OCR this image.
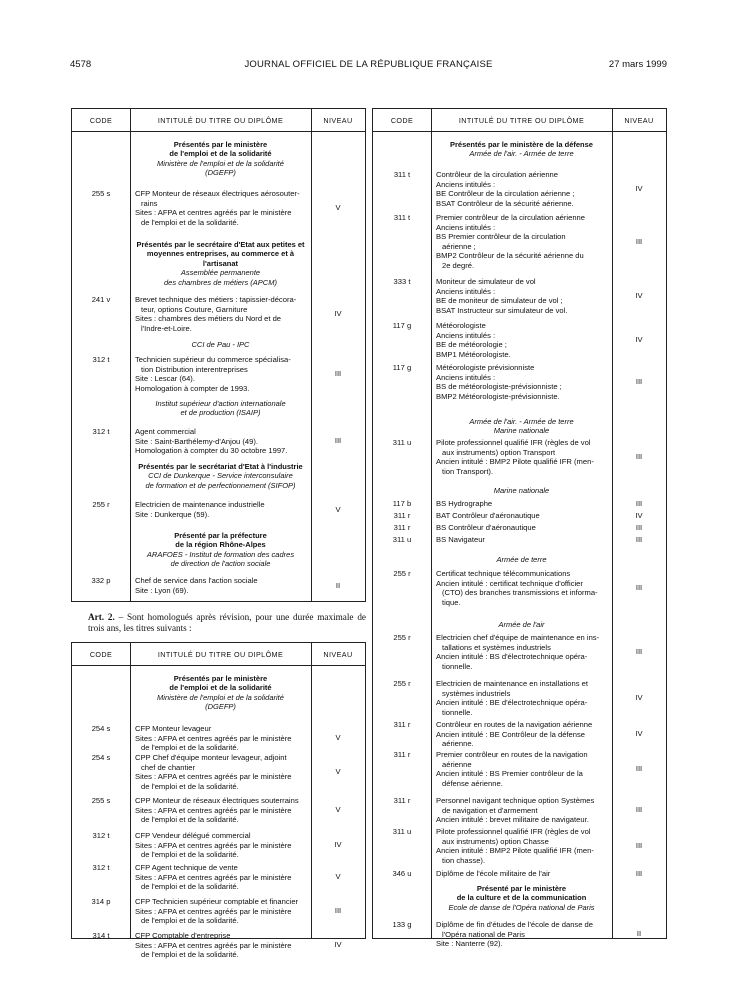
4578	JOURNAL OFFICIEL DE LA RÉPUBLIQUE FRANÇAISE	27 mars 1999
Art. 2. – Sont homologués après révision, pour une durée maximale de trois ans, les titres suivants :
CODE	INTITULÉ DU TITRE OU DIPLÔME	NIVEAU
Présentés par le ministère
de l'emploi et de la solidarité
Ministère de l'emploi et de la solidarité
(DGEFP)
Présentés par le secrétaire d'Etat aux petites et
moyennes entreprises, au commerce et à
l'artisanat
Assemblée permanente
des chambres de métiers (APCM)
CCI de Pau - IPC
Institut supérieur d'action internationale
et de production (ISAIP)
Présentés par le secrétariat d'Etat à l'industrie
CCI de Dunkerque - Service interconsulaire
de formation et de perfectionnement (SIFOP)
Présenté par la préfecture
de la région Rhône-Alpes
ARAFOES - Institut de formation des cadres
de direction de l'action sociale
255 s	CFP Monteur de réseaux électriques aérosouter-
rains
Sites : AFPA et centres agréés par le ministère
de l'emploi et de la solidarité.
V
241 v	Brevet technique des métiers : tapissier-décora-
teur, options Couture, Garniture
Sites : chambres des métiers du Nord et de
l'Indre-et-Loire.
IV
312 t	Technicien supérieur du commerce spécialisa-
tion Distribution interentreprises
Site : Lescar (64).
Homologation à compter de 1993.
III
312 t	Agent commercial
Site : Saint-Barthélemy-d'Anjou (49).
Homologation à compter du 30 octobre 1997.
III
255 r	Electricien de maintenance industrielle
Site : Dunkerque (59).
V
332 p	Chef de service dans l'action sociale
Site : Lyon (69).
II
CODE	INTITULÉ DU TITRE OU DIPLÔME	NIVEAU
Présentés par le ministère
de l'emploi et de la solidarité
Ministère de l'emploi et de la solidarité
(DGEFP)
254 s	CFP Monteur levageur
Sites : AFPA et centres agréés par le ministère
de l'emploi et de la solidarité.
V
254 s	CPP Chef d'équipe monteur levageur, adjoint
chef de chantier
Sites : AFPA et centres agréés par le ministère
de l'emploi et de la solidarité.
V
255 s	CPP Monteur de réseaux électriques souterrains
Sites : AFPA et centres agréés par le ministère
de l'emploi et de la solidarité.
V
312 t	CFP Vendeur délégué commercial
Sites : AFPA et centres agréés par le ministère
de l'emploi et de la solidarité.
IV
312 t	CFP Agent technique de vente
Sites : AFPA et centres agréés par le ministère
de l'emploi et de la solidarité.
V
314 p	CFP Technicien supérieur comptable et financier
Sites : AFPA et centres agréés par le ministère
de l'emploi et de la solidarité.
III
314 t	CFP Comptable d'entreprise
Sites : AFPA et centres agréés par le ministère
de l'emploi et de la solidarité.
IV
CODE	INTITULÉ DU TITRE OU DIPLÔME	NIVEAU
Présentés par le ministère de la défense
Armée de l'air. - Armée de terre
Armée de l'air. - Armée de terre
Marine nationale
Marine nationale
Armée de terre
Armée de l'air
Présenté par le ministère
de la culture et de la communication
Ecole de danse de l'Opéra national de Paris
311 t	Contrôleur de la circulation aérienne
Anciens intitulés :
BE Contrôleur de la circulation aérienne ;
BSAT Contrôleur de la sécurité aérienne.
IV
311 t	Premier contrôleur de la circulation aérienne
Anciens intitulés :
BS Premier contrôleur de la circulation
aérienne ;
BMP2 Contrôleur de la sécurité aérienne du
2e degré.
III
333 t	Moniteur de simulateur de vol
Anciens intitulés :
BE de moniteur de simulateur de vol ;
BSAT Instructeur sur simulateur de vol.
IV
117 g	Météorologiste
Anciens intitulés :
BE de météorologie ;
BMP1 Météorologiste.
IV
117 g	Météorologiste prévisionniste
Anciens intitulés :
BS de météorologiste-prévisionniste ;
BMP2 Météorologiste-prévisionniste.
III
311 u	Pilote professionnel qualifié IFR (règles de vol
aux instruments) option Transport
Ancien intitulé : BMP2 Pilote qualifié IFR (men-
tion Transport).
III
117 b	BS Hydrographe	III
311 r	BAT Contrôleur d'aéronautique	IV
311 r	BS Contrôleur d'aéronautique	III
311 u	BS Navigateur	III
255 r	Certificat technique télécommunications
Ancien intitulé : certificat technique d'officier
(CTO) des branches transmissions et informa-
tique.
III
255 r	Electricien chef d'équipe de maintenance en ins-
tallations et systèmes industriels
Ancien intitulé : BS d'électrotechnique opéra-
tionnelle.
III
255 r	Electricien de maintenance en installations et
systèmes industriels
Ancien intitulé : BE d'électrotechnique opéra-
tionnelle.
IV
311 r	Contrôleur en routes de la navigation aérienne
Ancien intitulé : BE Contrôleur de la défense
aérienne.
IV
311 r	Premier contrôleur en routes de la navigation
aérienne
Ancien intitulé : BS Premier contrôleur de la
défense aérienne.
III
311 r	Personnel navigant technique option Systèmes
de navigation et d'armement
Ancien intitulé : brevet militaire de navigateur.
III
311 u	Pilote professionnel qualifié IFR (règles de vol
aux instruments) option Chasse
Ancien intitulé : BMP2 Pilote qualifié IFR (men-
tion chasse).
III
346 u	Diplôme de l'école militaire de l'air	III
133 g	Diplôme de fin d'études de l'école de danse de
l'Opéra national de Paris
Site : Nanterre (92).
II
